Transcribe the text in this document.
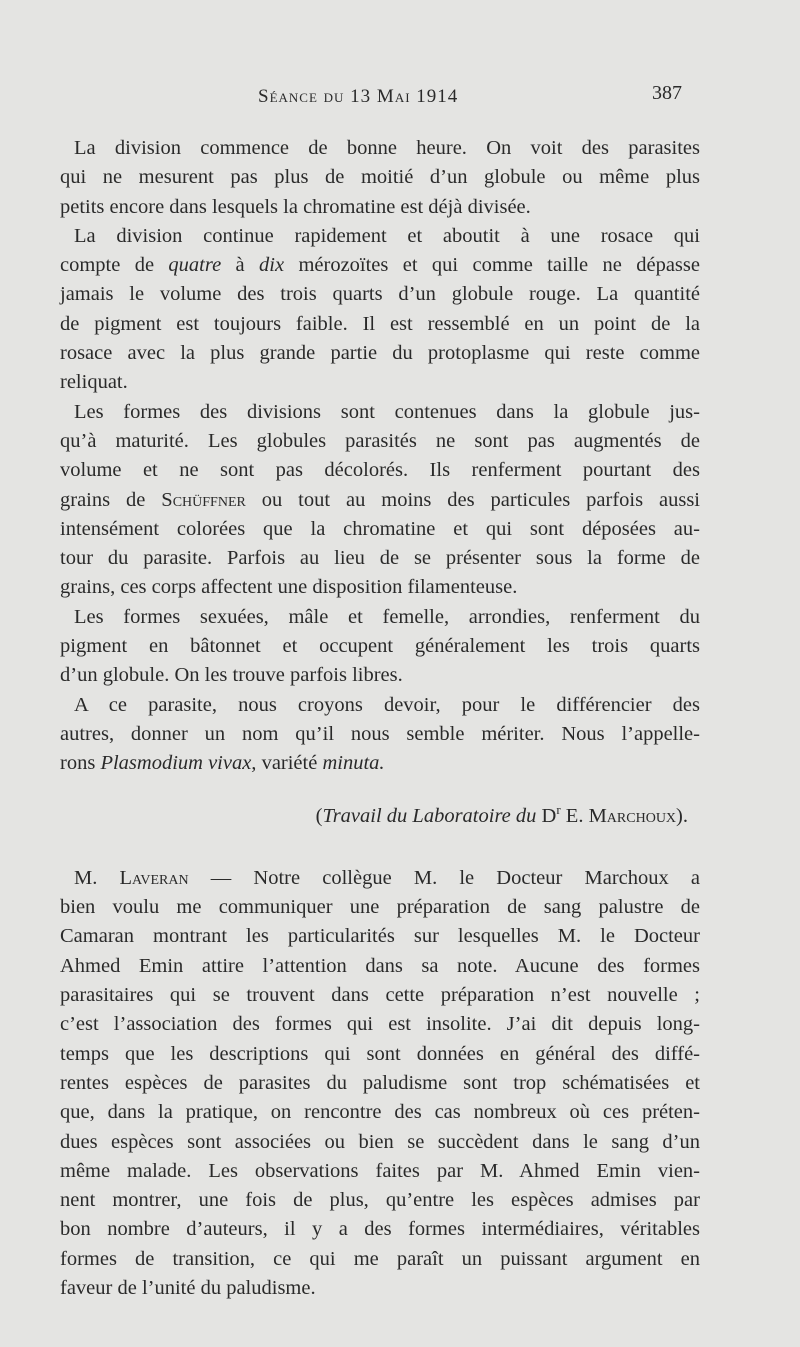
Séance du 13 Mai 1914	387
La division commence de bonne heure. On voit des parasites
qui ne mesurent pas plus de moitié d’un globule ou même plus
petits encore dans lesquels la chromatine est déjà divisée.
La division continue rapidement et aboutit à une rosace qui
compte de quatre à dix mérozoïtes et qui comme taille ne dépasse
jamais le volume des trois quarts d’un globule rouge. La quantité
de pigment est toujours faible. Il est ressemblé en un point de la
rosace avec la plus grande partie du protoplasme qui reste comme
reliquat.
Les formes des divisions sont contenues dans la globule jus-
qu’à maturité. Les globules parasités ne sont pas augmentés de
volume et ne sont pas décolorés. Ils renferment pourtant des
grains de Schüffner ou tout au moins des particules parfois aussi
intensément colorées que la chromatine et qui sont déposées au-
tour du parasite. Parfois au lieu de se présenter sous la forme de
grains, ces corps affectent une disposition filamenteuse.
Les formes sexuées, mâle et femelle, arrondies, renferment du
pigment en bâtonnet et occupent généralement les trois quarts
d’un globule. On les trouve parfois libres.
A ce parasite, nous croyons devoir, pour le différencier des
autres, donner un nom qu’il nous semble mériter. Nous l’appelle-
rons Plasmodium vivax, variété minuta.
(Travail du Laboratoire du $D^r$ E. Marchoux).
M. Laveran — Notre collègue M. le Docteur Marchoux a
bien voulu me communiquer une préparation de sang palustre de
Camaran montrant les particularités sur lesquelles M. le Docteur
Ahmed Emin attire l’attention dans sa note. Aucune des formes
parasitaires qui se trouvent dans cette préparation n’est nouvelle ;
c’est l’association des formes qui est insolite. J’ai dit depuis long-
temps que les descriptions qui sont données en général des diffé-
rentes espèces de parasites du paludisme sont trop schématisées et
que, dans la pratique, on rencontre des cas nombreux où ces préten-
dues espèces sont associées ou bien se succèdent dans le sang d’un
même malade. Les observations faites par M. Ahmed Emin vien-
nent montrer, une fois de plus, qu’entre les espèces admises par
bon nombre d’auteurs, il y a des formes intermédiaires, véritables
formes de transition, ce qui me paraît un puissant argument en
faveur de l’unité du paludisme.
